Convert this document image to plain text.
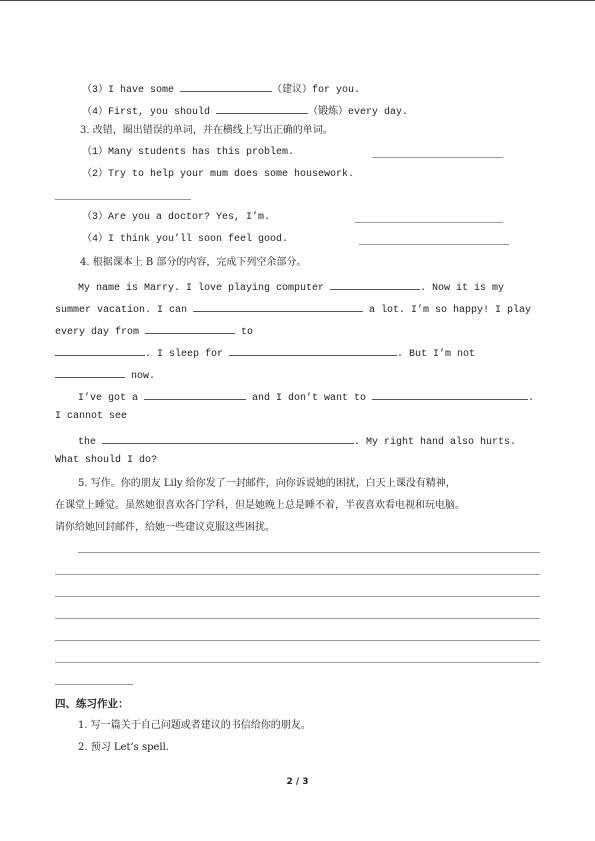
（3）I have some	（建议）for you.
（4）First, you should	（锻炼）every day.
3. 改错，圈出错误的单词，并在横线上写出正确的单词。
（1）Many students has this problem.
（2）Try to help your mum does some housework.
（3）Are you a doctor? Yes, I’m.
（4）I think you’ll soon feel good.
4. 根据课本上 B 部分的内容，完成下列空余部分。
My name is Marry. I love playing computer	. Now it is my
summer vacation. I can	a lot. I’m so happy! I play
every day from	to
. I sleep for	. But I’m not
now.
I’ve got a	and I don’t want to	.
I cannot see
the	. My right hand also hurts.
What should I do?
5. 写作。你的朋友 Lily 给你发了一封邮件，向你诉说她的困扰，白天上课没有精神，
在课堂上睡觉。虽然她很喜欢各门学科，但是她晚上总是睡不着，半夜喜欢看电视和玩电脑。
请你给她回封邮件，给她一些建议克服这些困扰。
四、练习作业：
1. 写一篇关于自己问题或者建议的书信给你的朋友。
2. 预习 Let’s spell.
2 / 3
